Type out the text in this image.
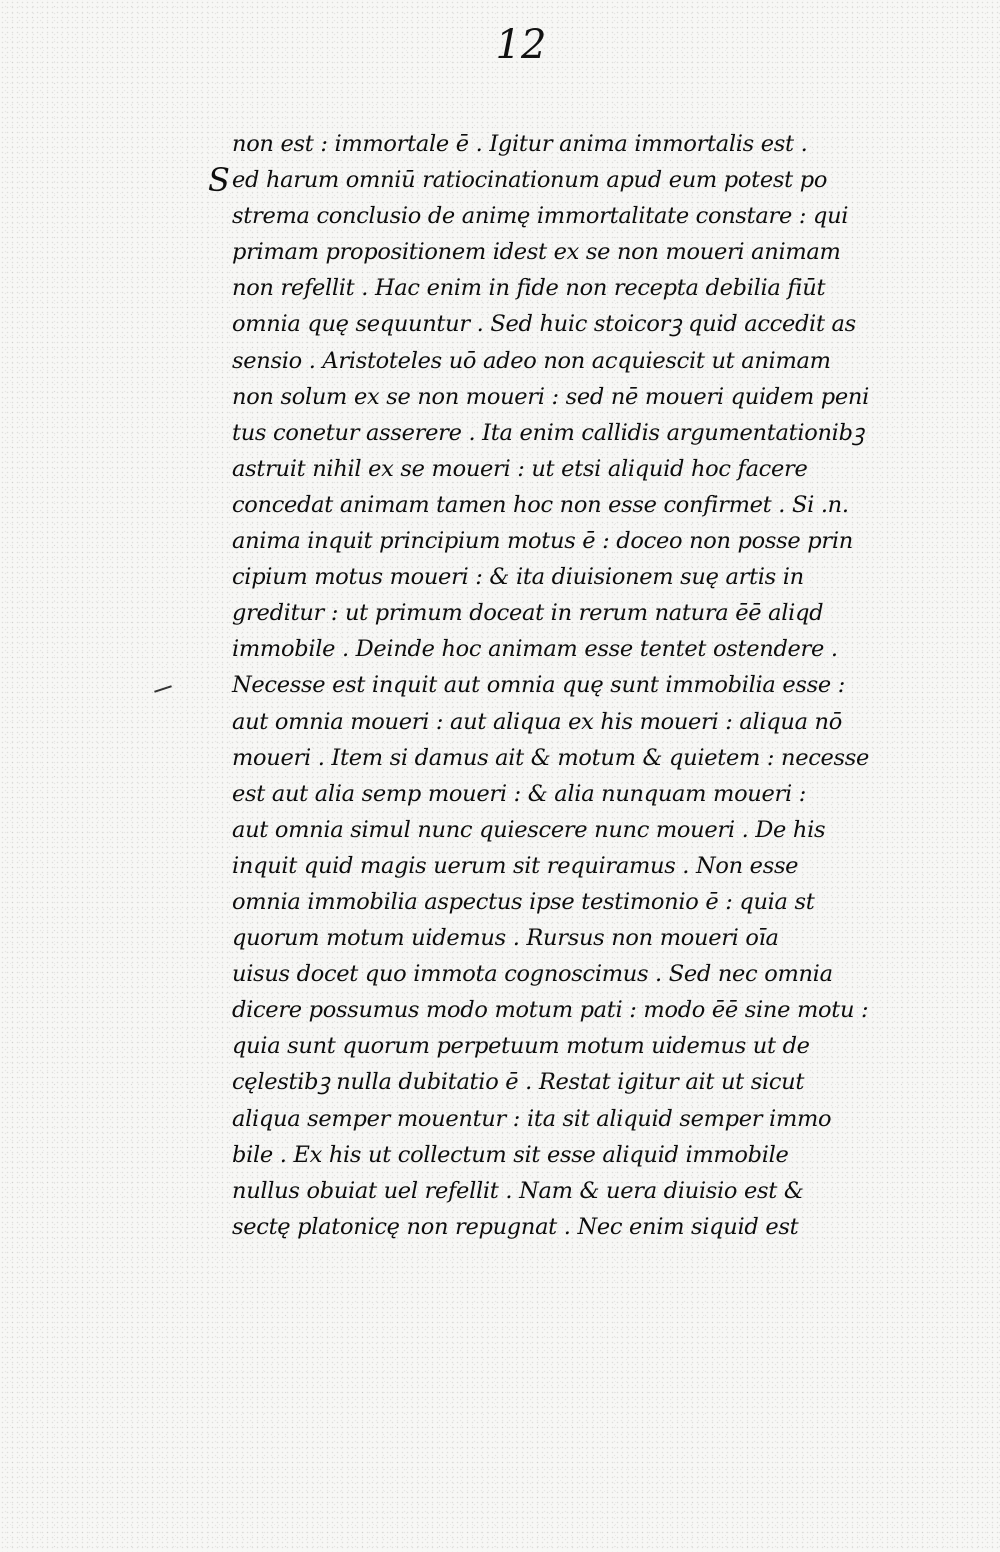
12
non est : immortale ē . Igitur anima immortalis est .
S ed harum omniū ratiocinationum apud eum potest po
strema conclusio de animę immortalitate constare : qui
primam propositionem idest ex se non moueri animam
non refellit . Hac enim in fide non recepta debilia fiūt
omnia quę sequuntur . Sed huic stoicorꝫ quid accedit as
sensio . Aristoteles uō adeo non acquiescit ut animam
non solum ex se non moueri : sed nē moueri quidem peni
tus conetur asserere . Ita enim callidis argumentationibꝫ
astruit nihil ex se moueri : ut etsi aliquid hoc facere
concedat animam tamen hoc non esse confirmet . Si .n.
anima inquit principium motus ē : doceo non posse prin
cipium motus moueri : & ita diuisionem suę artis in
greditur : ut primum doceat in rerum natura ēē aliqd
immobile . Deinde hoc animam esse tentet ostendere .
Necesse est inquit aut omnia quę sunt immobilia esse :
aut omnia moueri : aut aliqua ex his moueri : aliqua nō
moueri . Item si damus ait & motum & quietem : necesse
est aut alia semp moueri : & alia nunquam moueri :
aut omnia simul nunc quiescere nunc moueri . De his
inquit quid magis uerum sit requiramus . Non esse
omnia immobilia aspectus ipse testimonio ē : quia st
quorum motum uidemus . Rursus non moueri oīa
uisus docet quo immota cognoscimus . Sed nec omnia
dicere possumus modo motum pati : modo ēē sine motu :
quia sunt quorum perpetuum motum uidemus ut de
cęlestibꝫ nulla dubitatio ē . Restat igitur ait ut sicut
aliqua semper mouentur : ita sit aliquid semper immo
bile . Ex his ut collectum sit esse aliquid immobile
nullus obuiat uel refellit . Nam & uera diuisio est &
sectę platonicę non repugnat . Nec enim siquid est
